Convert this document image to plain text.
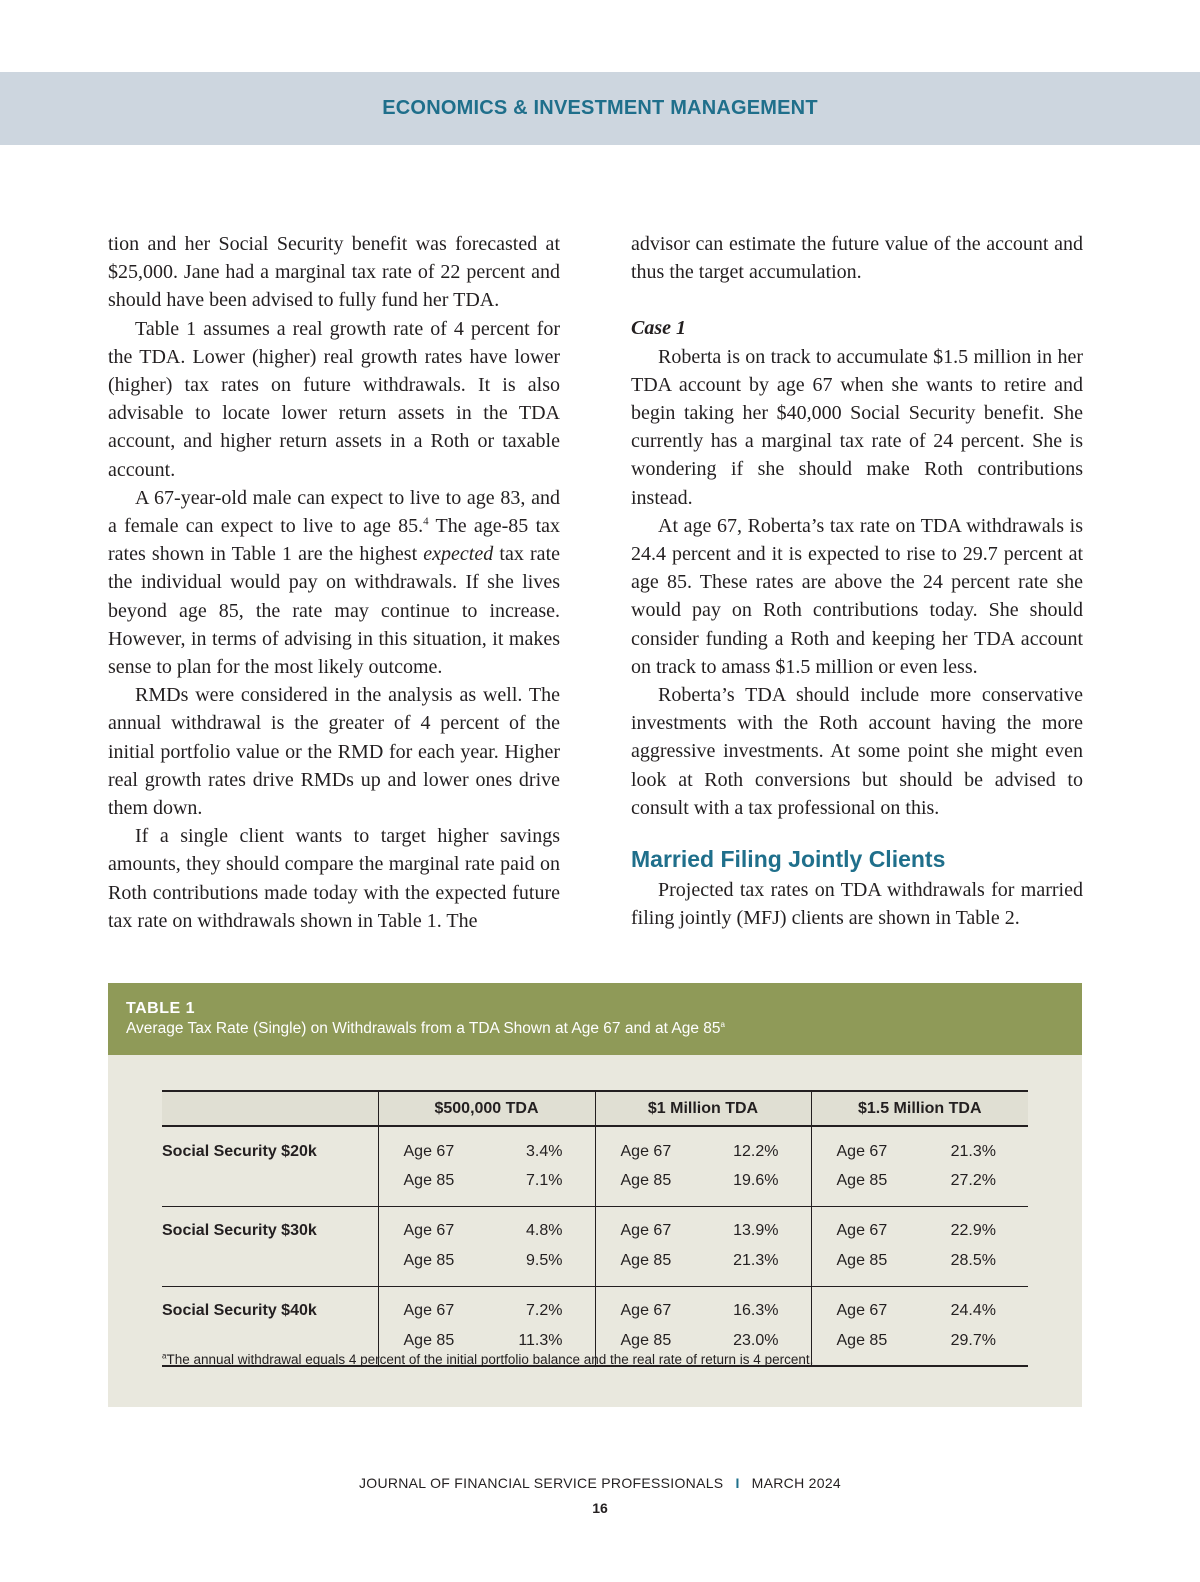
ECONOMICS & INVESTMENT MANAGEMENT

tion and her Social Security benefit was forecasted at $25,000. Jane had a marginal tax rate of 22 percent and should have been advised to fully fund her TDA.

Table 1 assumes a real growth rate of 4 percent for the TDA. Lower (higher) real growth rates have lower (higher) tax rates on future withdrawals. It is also advisable to locate lower return assets in the TDA account, and higher return assets in a Roth or taxable account.

A 67-year-old male can expect to live to age 83, and a female can expect to live to age 85.$^4$ The age-85 tax rates shown in Table 1 are the highest expected tax rate the individual would pay on withdrawals. If she lives beyond age 85, the rate may continue to increase. However, in terms of advising in this situation, it makes sense to plan for the most likely outcome.

RMDs were considered in the analysis as well. The annual withdrawal is the greater of 4 percent of the initial portfolio value or the RMD for each year. Higher real growth rates drive RMDs up and lower ones drive them down.

If a single client wants to target higher savings amounts, they should compare the marginal rate paid on Roth contributions made today with the expected future tax rate on withdrawals shown in Table 1. The

advisor can estimate the future value of the account and thus the target accumulation.

Case 1

Roberta is on track to accumulate $1.5 million in her TDA account by age 67 when she wants to retire and begin taking her $40,000 Social Security benefit. She currently has a marginal tax rate of 24 percent. She is wondering if she should make Roth contributions instead.

At age 67, Roberta’s tax rate on TDA withdrawals is 24.4 percent and it is expected to rise to 29.7 percent at age 85. These rates are above the 24 percent rate she would pay on Roth contributions today. She should consider funding a Roth and keeping her TDA account on track to amass $1.5 million or even less.

Roberta’s TDA should include more conservative investments with the Roth account having the more aggressive investments. At some point she might even look at Roth conversions but should be advised to consult with a tax professional on this.

Married Filing Jointly Clients

Projected tax rates on TDA withdrawals for married filing jointly (MFJ) clients are shown in Table 2.

TABLE 1
Average Tax Rate (Single) on Withdrawals from a TDA Shown at Age 67 and at Age 85$^a$
	$500,000 TDA		$1 Million TDA		$1.5 Million TDA	
Social Security $20k	Age 67	3.4%	Age 67	12.2%	Age 67	21.3%
	Age 85	7.1%	Age 85	19.6%	Age 85	27.2%
Social Security $30k	Age 67	4.8%	Age 67	13.9%	Age 67	22.9%
	Age 85	9.5%	Age 85	21.3%	Age 85	28.5%
Social Security $40k	Age 67	7.2%	Age 67	16.3%	Age 67	24.4%
	Age 85	11.3%	Age 85	23.0%	Age 85	29.7%
$^a$The annual withdrawal equals 4 percent of the initial portfolio balance and the real rate of return is 4 percent.
JOURNAL OF FINANCIAL SERVICE PROFESSIONALS I MARCH 2024
16
